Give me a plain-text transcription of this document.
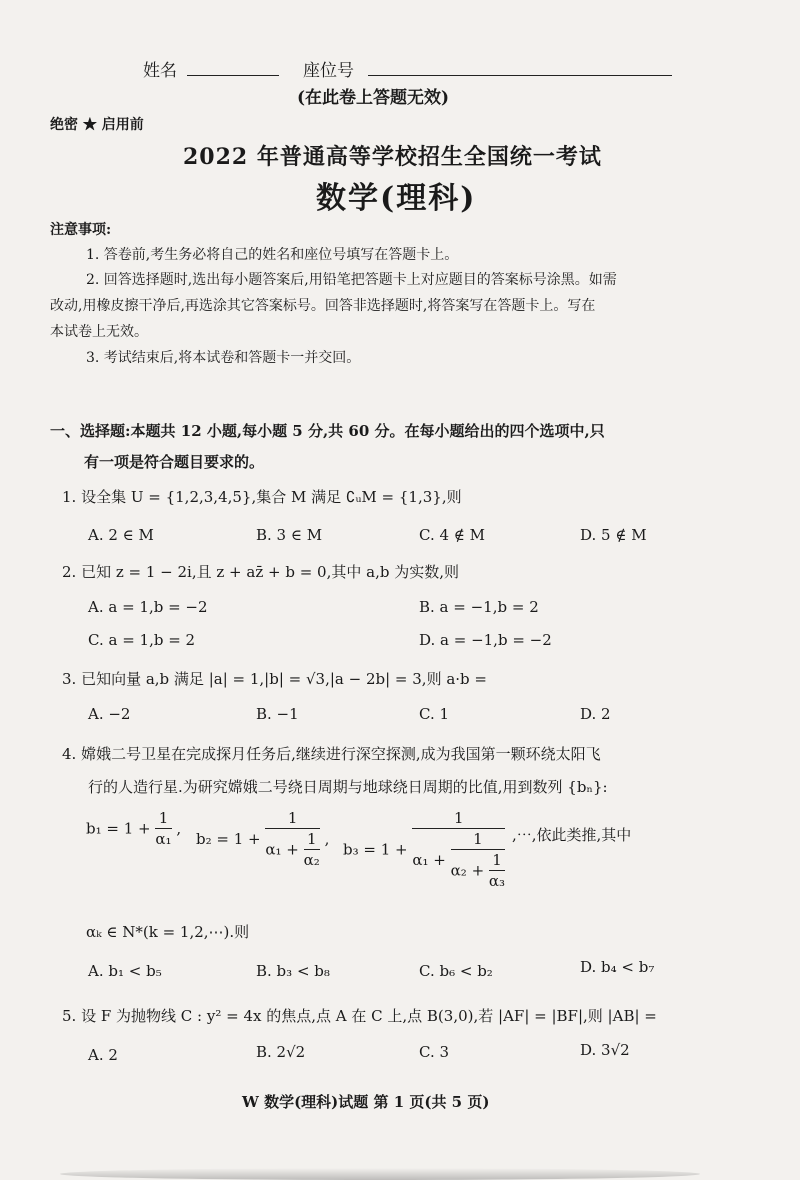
姓名	座位号
(在此卷上答题无效)
绝密 ★ 启用前
2022 年普通高等学校招生全国统一考试
数学(理科)
注意事项:
1. 答卷前,考生务必将自己的姓名和座位号填写在答题卡上。
2. 回答选择题时,选出每小题答案后,用铅笔把答题卡上对应题目的答案标号涂黑。如需
改动,用橡皮擦干净后,再选涂其它答案标号。回答非选择题时,将答案写在答题卡上。写在
本试卷上无效。
3. 考试结束后,将本试卷和答题卡一并交回。
一、选择题:本题共 12 小题,每小题 5 分,共 60 分。在每小题给出的四个选项中,只
有一项是符合题目要求的。
1. 设全集 U = {1,2,3,4,5},集合 M 满足 ∁ᵤM = {1,3},则
A. 2 ∈ M	B. 3 ∈ M	C. 4 ∉ M	D. 5 ∉ M
2. 已知 z = 1 − 2i,且 z + az̄ + b = 0,其中 a,b 为实数,则
A. a = 1,b = −2	B. a = −1,b = 2
C. a = 1,b = 2	D. a = −1,b = −2
3. 已知向量 a,b 满足 |a| = 1,|b| = √3,|a − 2b| = 3,则 a·b =
A. −2	B. −1	C. 1	D. 2
4. 嫦娥二号卫星在完成探月任务后,继续进行深空探测,成为我国第一颗环绕太阳飞
行的人造行星.为研究嫦娥二号绕日周期与地球绕日周期的比值,用到数列 {bₙ}:
$b_1 = 1 + \frac{1}{\text{α₁}}$ ,
$b_2 = 1 + \frac{1}{\alpha_1 + \frac{1}{\text{α₂}}}$ ,
b₃ = 1 +
1
$\alpha_1 + \frac{1}{\alpha_2 + \frac{1}{\text{α₃}}}$ ,⋯,依此类推,其中
αₖ ∈ N*(k = 1,2,⋯).则
A. b₁ < b₅	B. b₃ < b₈	C. b₆ < b₂	D. b₄ < b₇
5. 设 F 为抛物线 C : y² = 4x 的焦点,点 A 在 C 上,点 B(3,0),若 |AF| = |BF|,则 |AB| =
A. 2	B. 2√2	C. 3	D. 3√2
W 数学(理科)试题 第 1 页(共 5 页)
